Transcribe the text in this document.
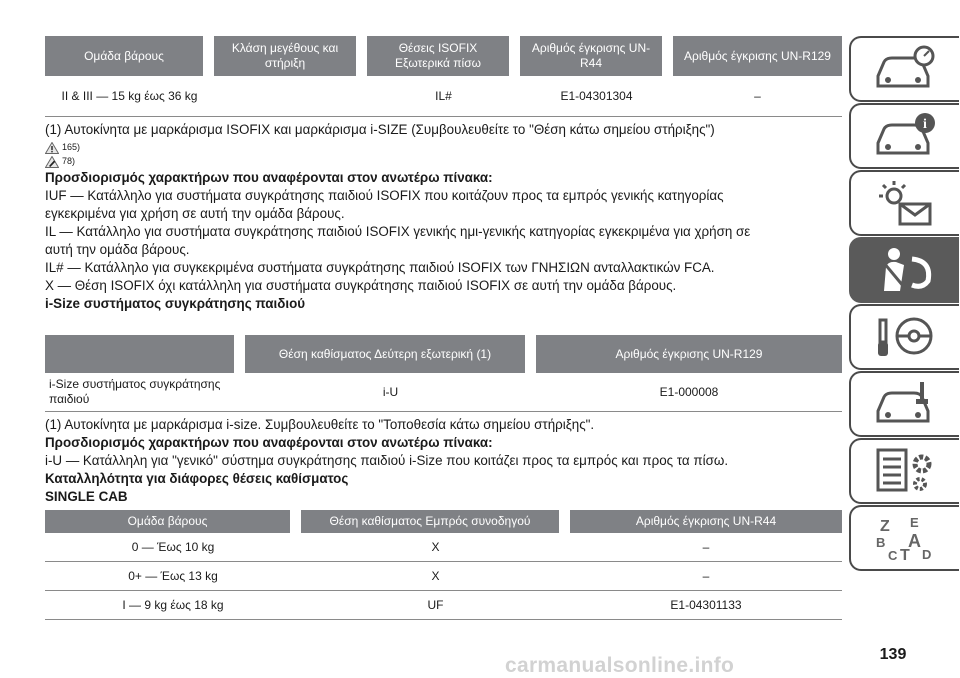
Ομάδα βάρους	Κλάση μεγέθους και στήριξη	Θέσεις ISOFIX Εξωτερικά πίσω	Αριθμός έγκρισης UN-R44	Αριθμός έγκρισης UN-R129
II & III — 15 kg έως 36 kg		IL#	E1-04301304	–

(1) Αυτοκίνητα με μαρκάρισμα ISOFIX και μαρκάρισμα i-SIZE (Συμβουλευθείτε το "Θέση κάτω σημείου στήριξης")

165)
78)

Προσδιορισμός χαρακτήρων που αναφέρονται στον ανωτέρω πίνακα:

IUF — Κατάλληλο για συστήματα συγκράτησης παιδιού ISOFIX που κοιτάζουν προς τα εμπρός γενικής κατηγορίας

εγκεκριμένα για χρήση σε αυτή την ομάδα βάρους.

IL — Κατάλληλο για συστήματα συγκράτησης παιδιού ISOFIX γενικής ημι-γενικής κατηγορίας εγκεκριμένα για χρήση σε

αυτή την ομάδα βάρους.

IL# — Κατάλληλο για συγκεκριμένα συστήματα συγκράτησης παιδιού ISOFIX των ΓΝΗΣΙΩΝ ανταλλακτικών FCA.

X — Θέση ISOFIX όχι κατάλληλη για συστήματα συγκράτησης παιδιού ISOFIX σε αυτή την ομάδα βάρους.

i-Size συστήματος συγκράτησης παιδιού

	Θέση καθίσματος Δεύτερη εξωτερική (1)	Αριθμός έγκρισης UN-R129
i-Size συστήματος συγκράτησης παιδιού	i-U	E1-000008

(1) Αυτοκίνητα με μαρκάρισμα i-size. Συμβουλευθείτε το "Τοποθεσία κάτω σημείου στήριξης".

Προσδιορισμός χαρακτήρων που αναφέρονται στον ανωτέρω πίνακα:

i-U — Κατάλληλη για "γενικό" σύστημα συγκράτησης παιδιού i-Size που κοιτάζει προς τα εμπρός και προς τα πίσω.

Καταλληλότητα για διάφορες θέσεις καθίσματος

SINGLE CAB

Ομάδα βάρους	Θέση καθίσματος Εμπρός συνοδηγού	Αριθμός έγκρισης UN-R44
0 — Έως 10 kg	X	–
0+ — Έως 13 kg	X	–
I — 9 kg έως 18 kg	UF	E1-04301133
i
Z E
B A
C T D
139
carmanualsonline.info
